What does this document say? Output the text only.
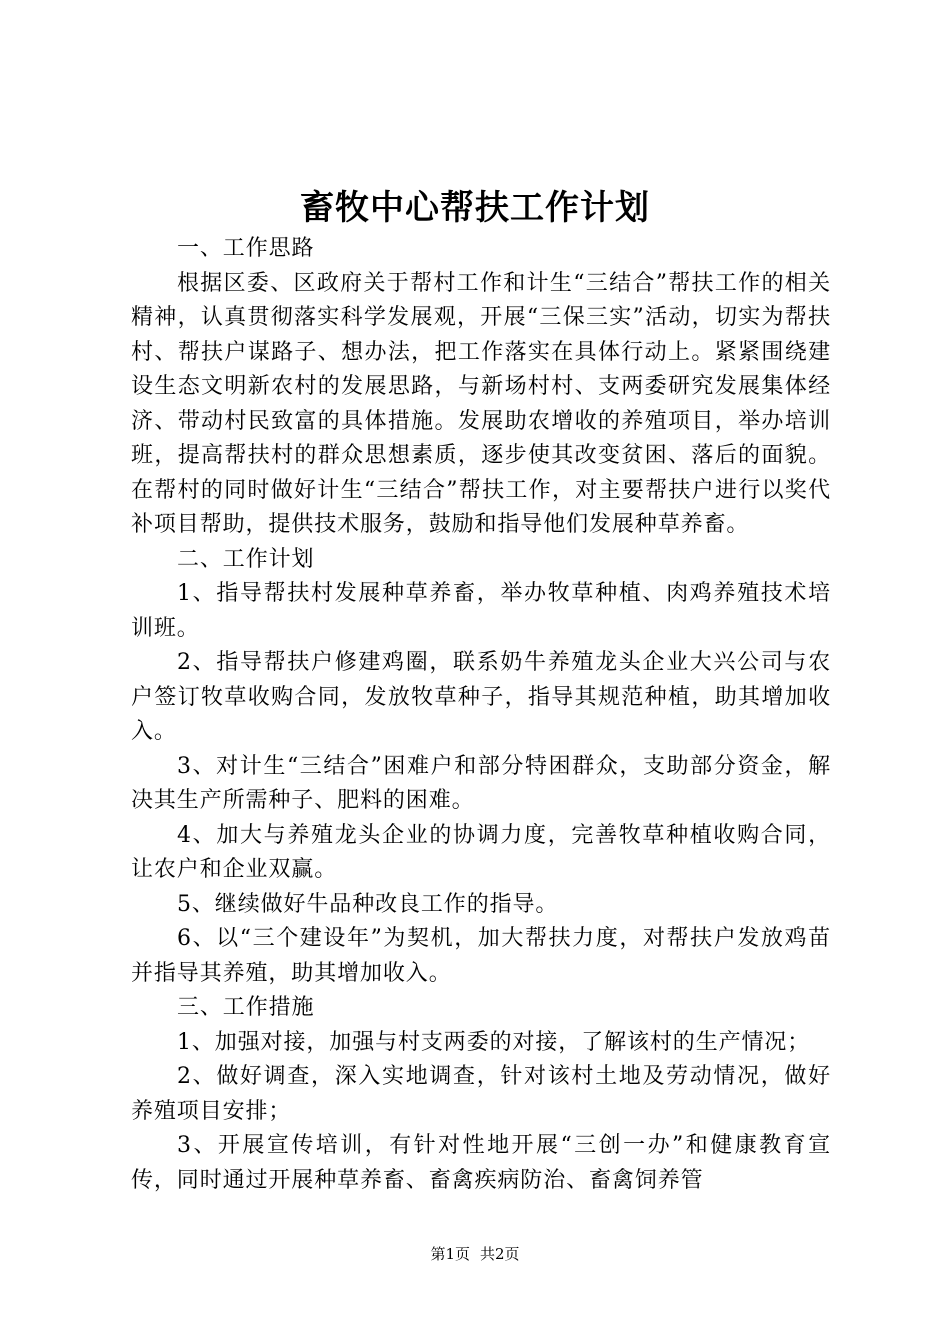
畜牧中心帮扶工作计划

一、工作思路

根据区委、区政府关于帮村工作和计生“三结合”帮扶工作的相关精神，认真贯彻落实科学发展观，开展“三保三实”活动，切实为帮扶村、帮扶户谋路子、想办法，把工作落实在具体行动上。紧紧围绕建设生态文明新农村的发展思路，与新场村村、支两委研究发展集体经济、带动村民致富的具体措施。发展助农增收的养殖项目，举办培训班，提高帮扶村的群众思想素质，逐步使其改变贫困、落后的面貌。在帮村的同时做好计生“三结合”帮扶工作，对主要帮扶户进行以奖代补项目帮助，提供技术服务，鼓励和指导他们发展种草养畜。

二、工作计划

1、指导帮扶村发展种草养畜，举办牧草种植、肉鸡养殖技术培训班。

2、指导帮扶户修建鸡圈，联系奶牛养殖龙头企业大兴公司与农户签订牧草收购合同，发放牧草种子，指导其规范种植，助其增加收入。

3、对计生“三结合”困难户和部分特困群众，支助部分资金，解决其生产所需种子、肥料的困难。

4、加大与养殖龙头企业的协调力度，完善牧草种植收购合同，让农户和企业双赢。

5、继续做好牛品种改良工作的指导。

6、以“三个建设年”为契机，加大帮扶力度，对帮扶户发放鸡苗并指导其养殖，助其增加收入。

三、工作措施

1、加强对接，加强与村支两委的对接，了解该村的生产情况；

2、做好调查，深入实地调查，针对该村土地及劳动情况，做好养殖项目安排；

3、开展宣传培训，有针对性地开展“三创一办”和健康教育宣传，同时通过开展种草养畜、畜禽疾病防治、畜禽饲养管

第1页 共2页
